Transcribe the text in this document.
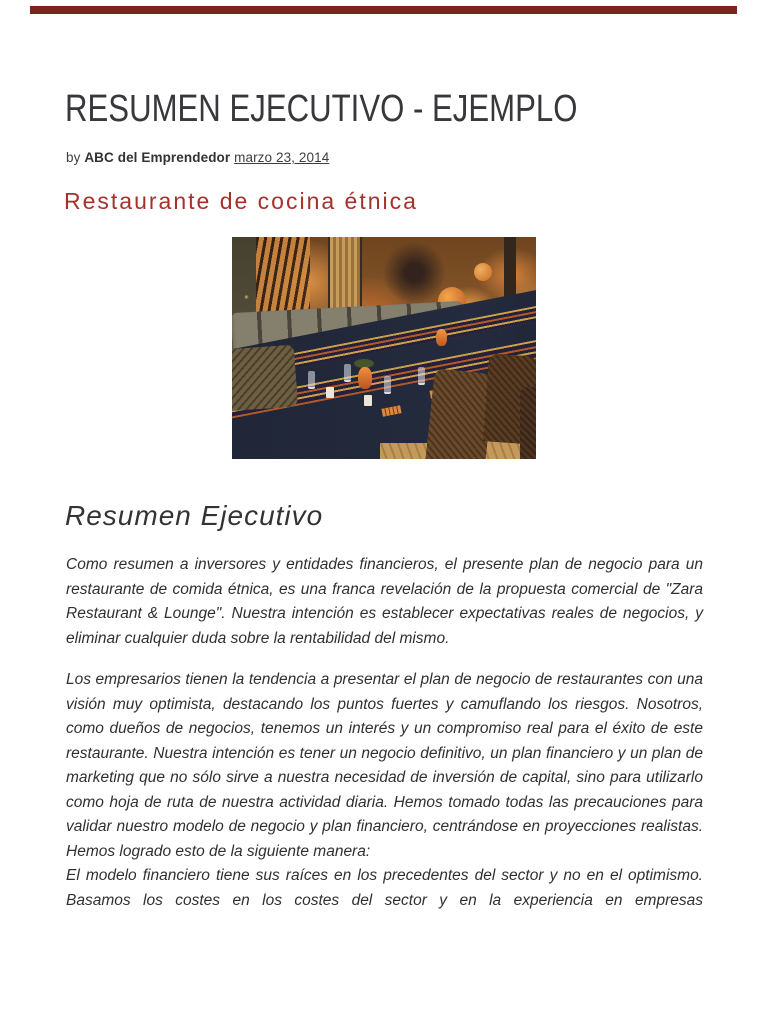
RESUMEN EJECUTIVO - EJEMPLO
by ABC del Emprendedor marzo 23, 2014
Restaurante de cocina étnica
Resumen Ejecutivo

Como resumen a inversores y entidades financieros, el presente plan de negocio para un restaurante de comida étnica, es una franca revelación de la propuesta comercial de "Zara Restaurant & Lounge". Nuestra intención es establecer expectativas reales de negocios, y eliminar cualquier duda sobre la rentabilidad del mismo.

Los empresarios tienen la tendencia a presentar el plan de negocio de restaurantes con una visión muy optimista, destacando los puntos fuertes y camuflando los riesgos. Nosotros, como dueños de negocios, tenemos un interés y un compromiso real para el éxito de este restaurante. Nuestra intención es tener un negocio definitivo, un plan financiero y un plan de marketing que no sólo sirve a nuestra necesidad de inversión de capital, sino para utilizarlo como hoja de ruta de nuestra actividad diaria. Hemos tomado todas las precauciones para validar nuestro modelo de negocio y plan financiero, centrándose en proyecciones realistas. Hemos logrado esto de la siguiente manera:

El modelo financiero tiene sus raíces en los precedentes del sector y no en el optimismo. Basamos los costes en los costes del sector y en la experiencia en empresas
